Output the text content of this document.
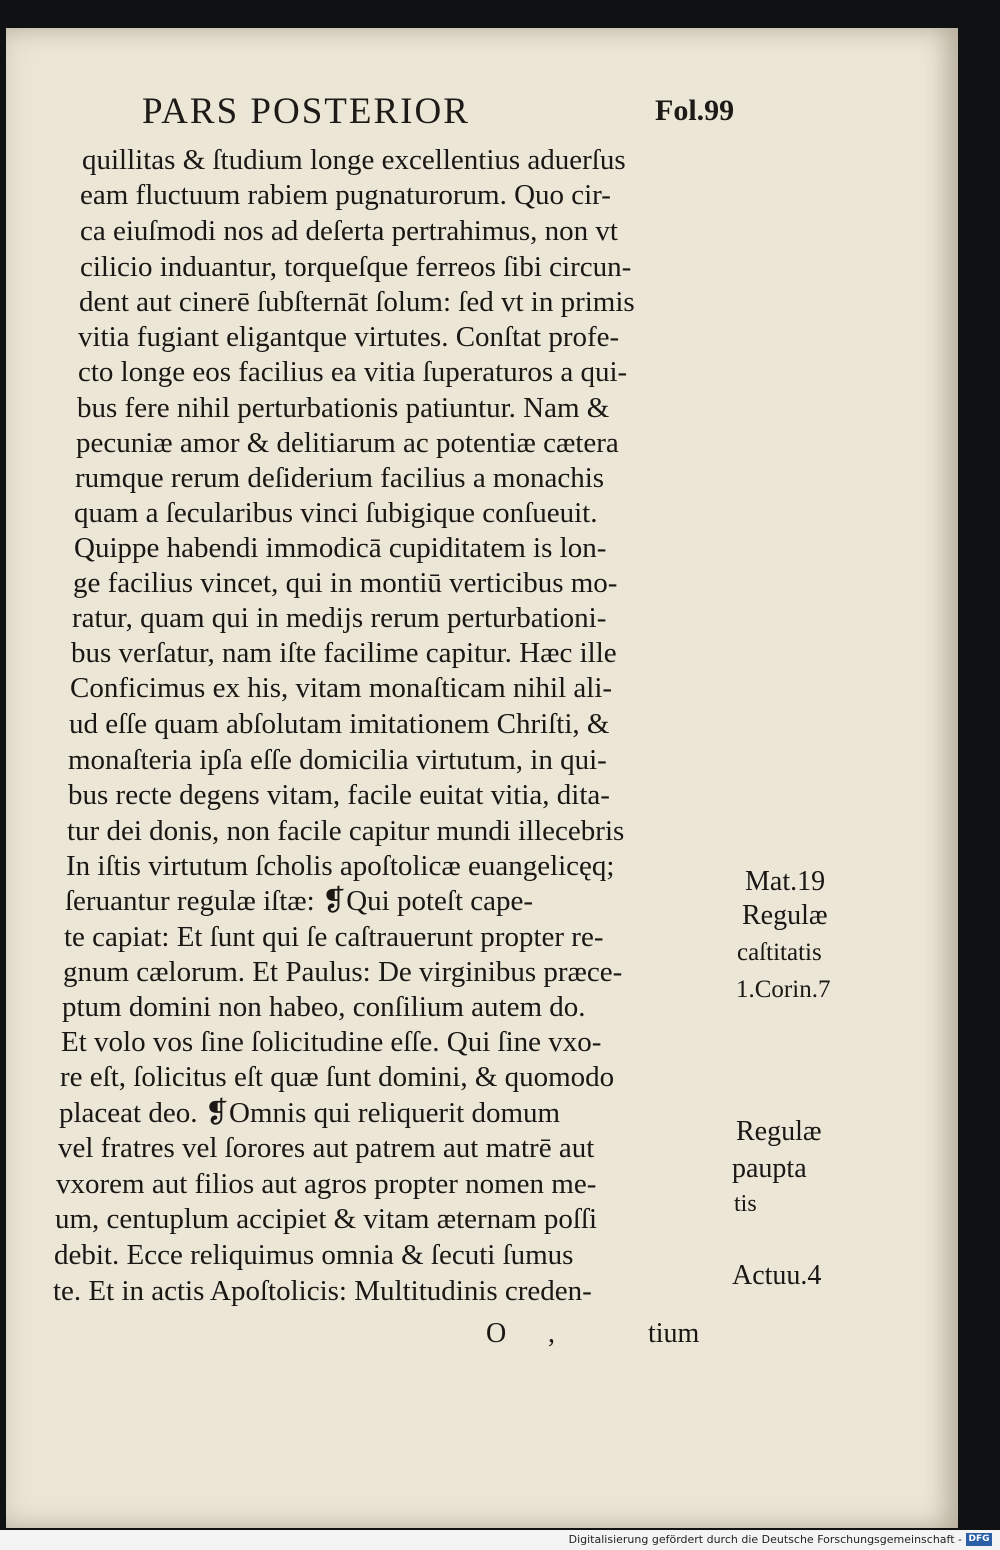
PARS POSTERIOR	Fol.99
quillitas & ſtudium longe excellentius aduerſus
eam fluctuum rabiem pugnaturorum. Quo cir-
ca eiuſmodi nos ad deſerta pertrahimus, non vt
cilicio induantur, torqueſque ferreos ſibi circun-
dent aut cinerē ſubſternāt ſolum: ſed vt in primis
vitia fugiant eligantque virtutes. Conſtat profe-
cto longe eos facilius ea vitia ſuperaturos a qui-
bus fere nihil perturbationis patiuntur. Nam &
pecuniæ amor & delitiarum ac potentiæ cætera
rumque rerum deſiderium facilius a monachis
quam a ſecularibus vinci ſubigique conſueuit.
Quippe habendi immodicā cupiditatem is lon-
ge facilius vincet, qui in montiū verticibus mo-
ratur, quam qui in medijs rerum perturbationi-
bus verſatur, nam iſte facilime capitur. Hæc ille
Conficimus ex his, vitam monaſticam nihil ali-
ud eſſe quam abſolutam imitationem Chriſti, &
monaſteria ipſa eſſe domicilia virtutum, in qui-
bus recte degens vitam, facile euitat vitia, dita-
tur dei donis, non facile capitur mundi illecebris
In iſtis virtutum ſcholis apoſtolicæ euangelicęq;
ſeruantur regulæ iſtæ: ❡Qui poteſt cape-
te capiat: Et ſunt qui ſe caſtrauerunt propter re-
gnum cælorum. Et Paulus: De virginibus præce-
ptum domini non habeo, conſilium autem do.
Et volo vos ſine ſolicitudine eſſe. Qui ſine vxo-
re eſt, ſolicitus eſt quæ ſunt domini, & quomodo
placeat deo. ❡Omnis qui reliquerit domum
vel fratres vel ſorores aut patrem aut matrē aut
vxorem aut filios aut agros propter nomen me-
um, centuplum accipiet & vitam æternam poſſi
debit. Ecce reliquimus omnia & ſecuti ſumus
te. Et in actis Apoſtolicis: Multitudinis creden-
Mat.19
Regulæ
caſtitatis
1.Corin.7
Regulæ
paupta
tis
Actuu.4
O ,	tium
Digitalisierung gefördert durch die Deutsche Forschungsgemeinschaft - DFG
